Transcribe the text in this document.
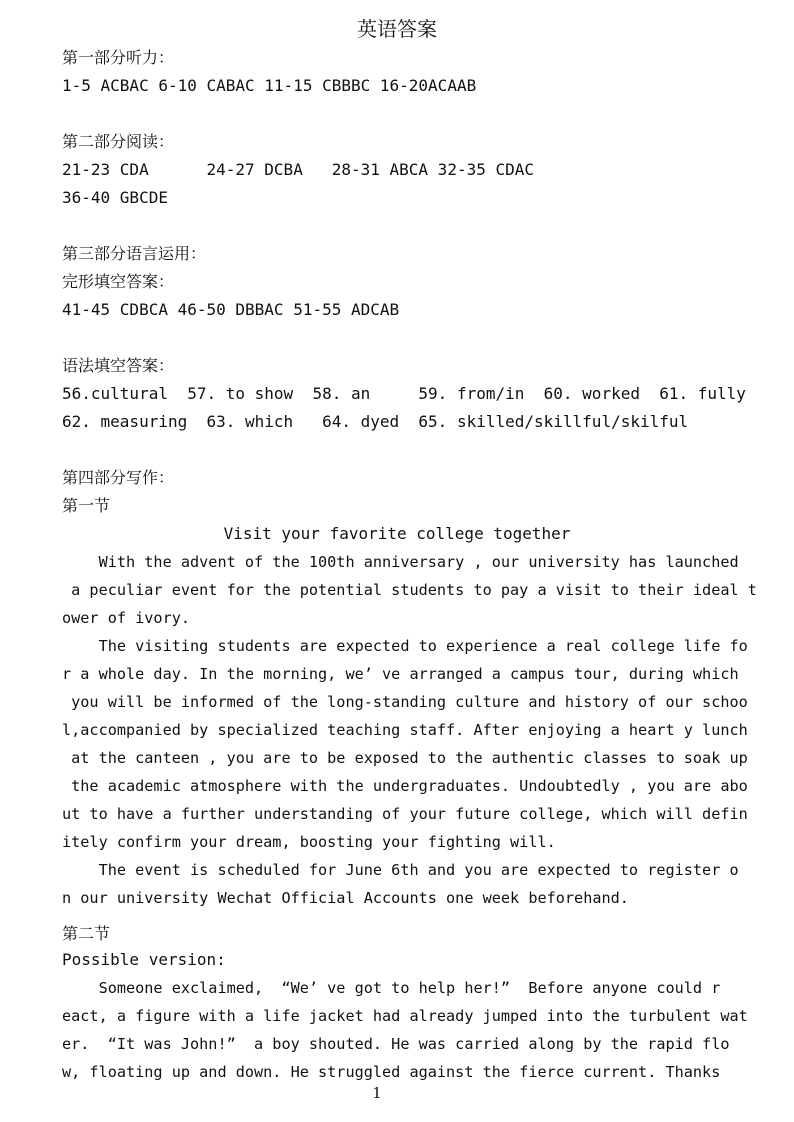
英语答案
第一部分听力：
1-5 ACBAC 6-10 CABAC 11-15 CBBBC 16-20ACAAB
第二部分阅读：
21-23 CDA      24-27 DCBA   28-31 ABCA 32-35 CDAC
36-40 GBCDE
第三部分语言运用：
完形填空答案：
41-45 CDBCA 46-50 DBBAC 51-55 ADCAB
语法填空答案：
56.cultural  57. to show  58. an     59. from/in  60. worked  61. fully
62. measuring  63. which   64. dyed  65. skilled/skillful/skilful
第四部分写作：
第一节
Visit your favorite college together
With the advent of the 100th anniversary , our university has launched
a peculiar event for the potential students to pay a visit to their ideal t
ower of ivory.
The visiting students are expected to experience a real college life fo
r a whole day. In the morning, we’ ve arranged a campus tour, during which
you will be informed of the long-standing culture and history of our schoo
l,accompanied by specialized teaching staff. After enjoying a heart y lunch
at the canteen , you are to be exposed to the authentic classes to soak up
the academic atmosphere with the undergraduates. Undoubtedly , you are abo
ut to have a further understanding of your future college, which will defin
itely confirm your dream, boosting your fighting will.
The event is scheduled for June 6th and you are expected to register o
n our university Wechat Official Accounts one week beforehand.
第二节
Possible version:
Someone exclaimed,  “We’ ve got to help her!”  Before anyone could r
eact, a figure with a life jacket had already jumped into the turbulent wat
er.  “It was John!”  a boy shouted. He was carried along by the rapid flo
w, floating up and down. He struggled against the fierce current. Thanks
1
